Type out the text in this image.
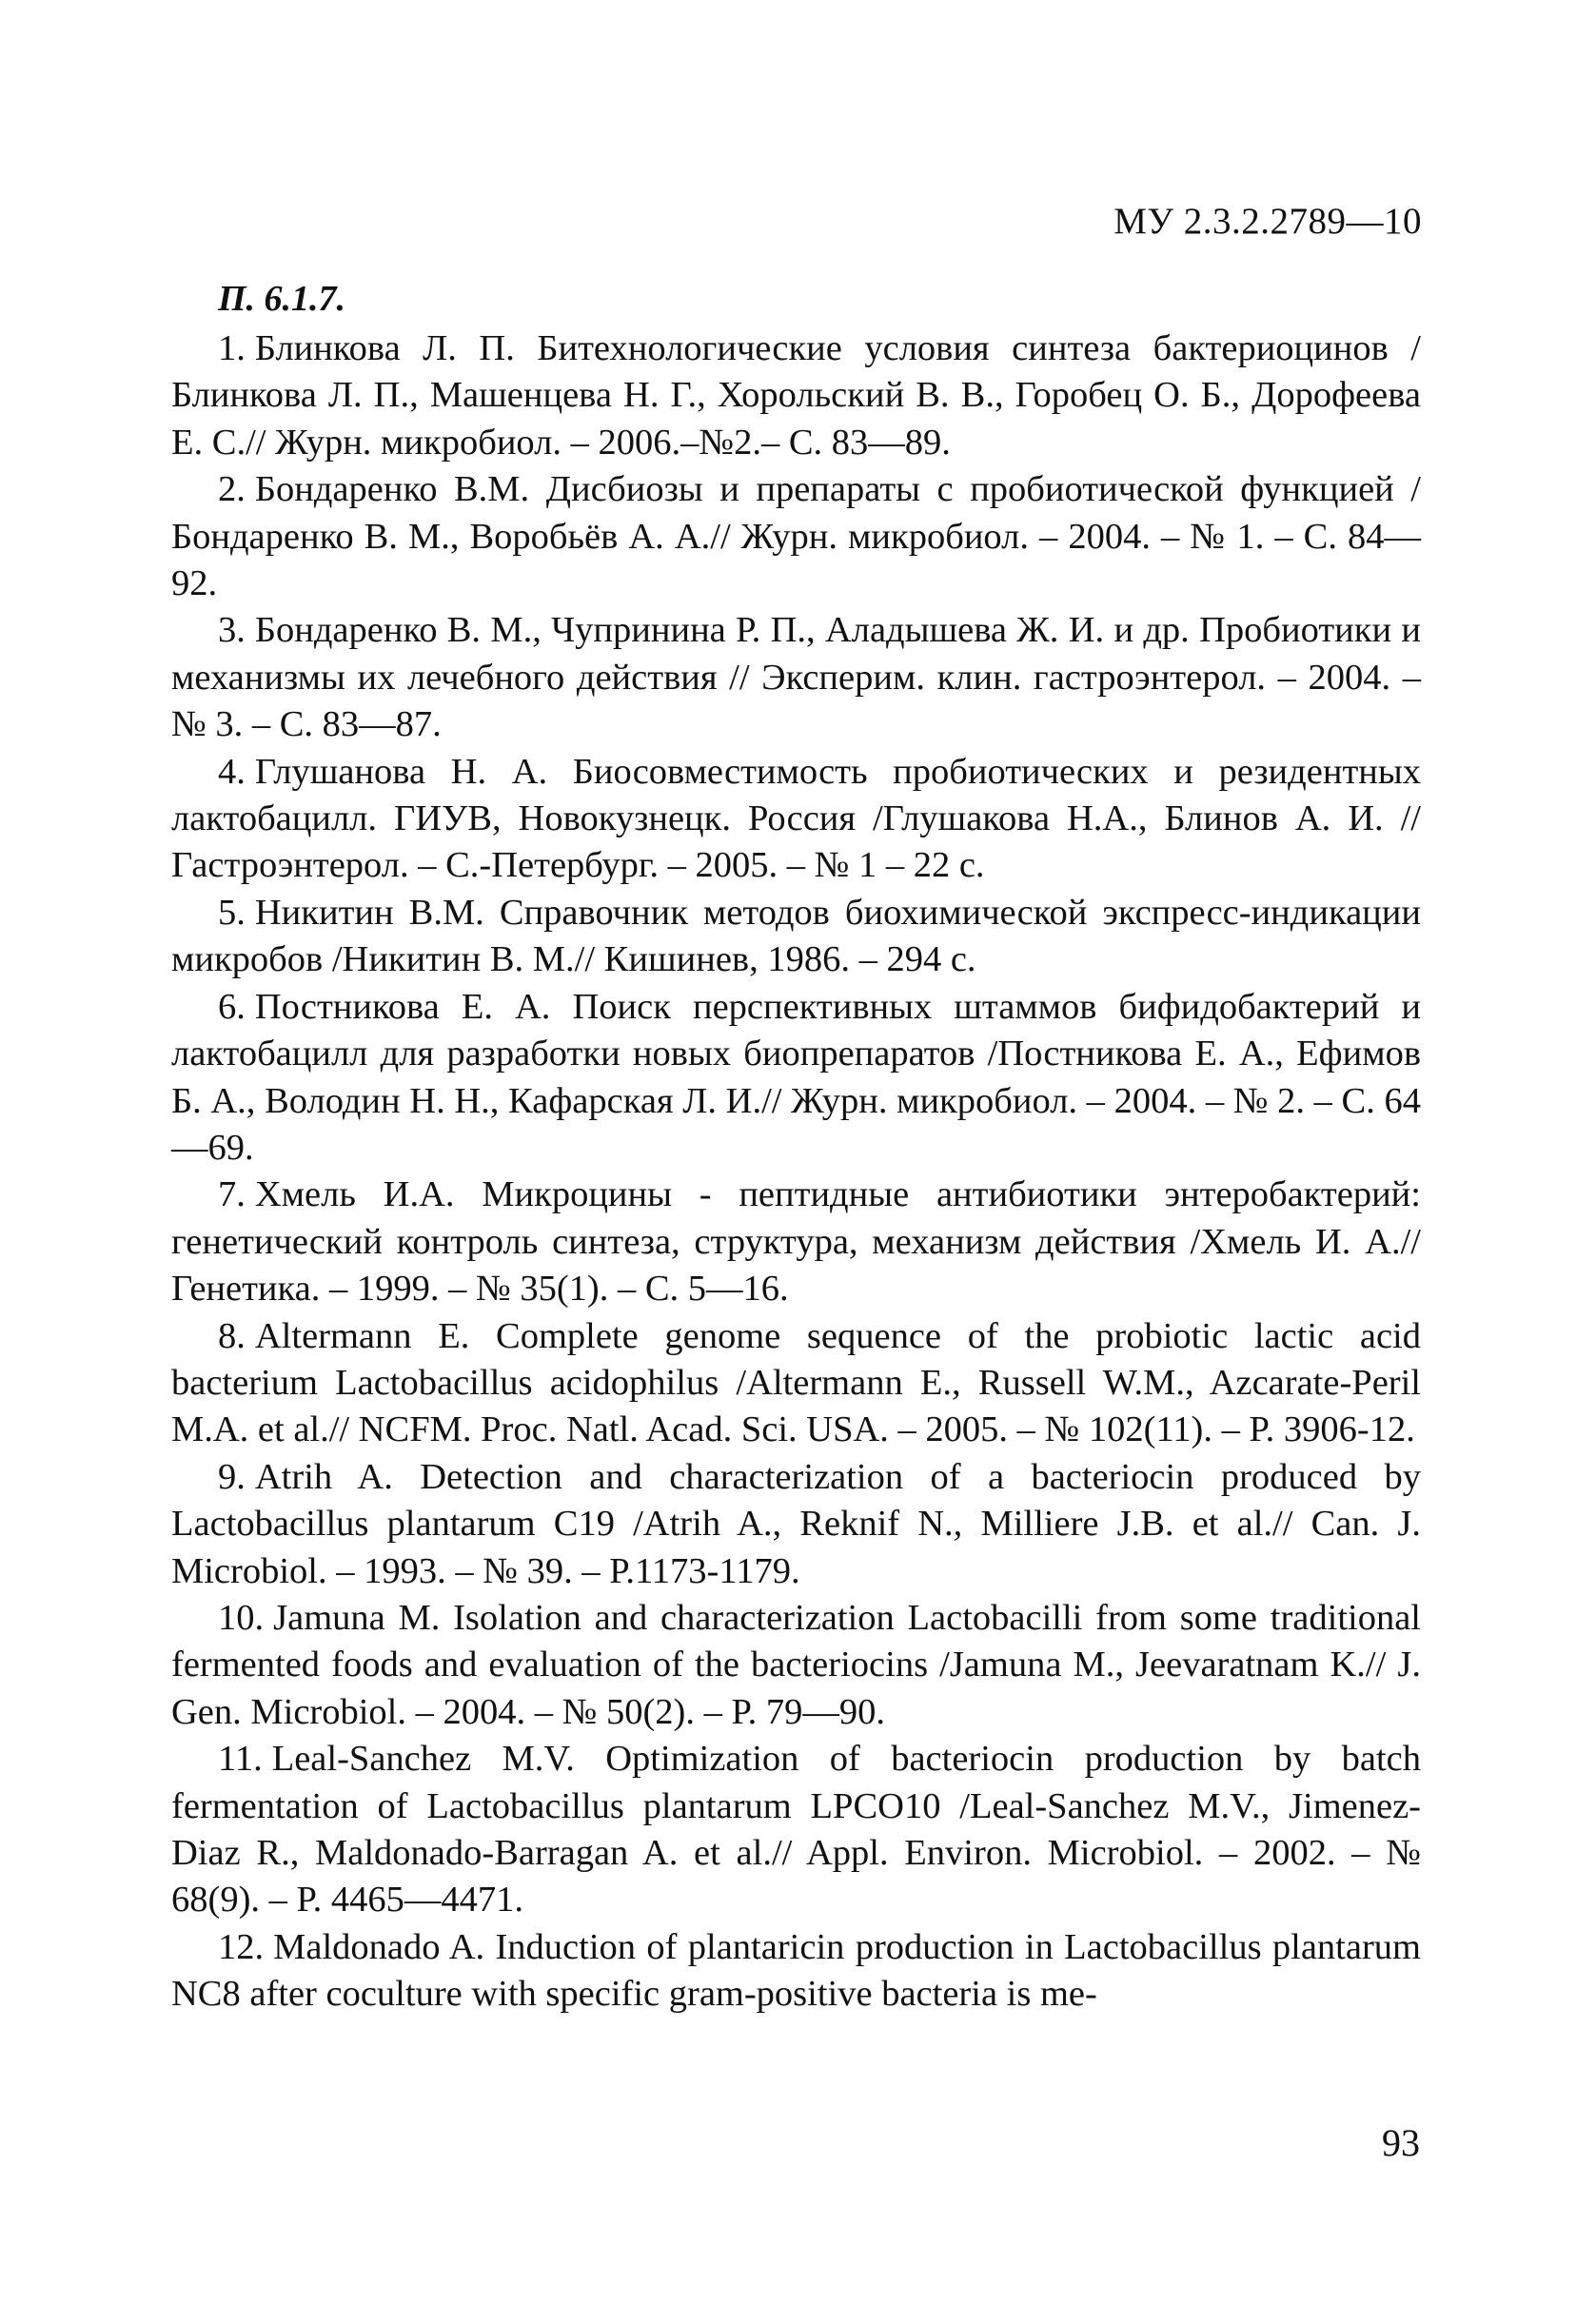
МУ 2.3.2.2789—10
П. 6.1.7.

1. Блинкова Л. П. Битехнологические условия синтеза бактериоцинов /Блинкова Л. П., Машенцева Н. Г., Хорольский В. В., Горобец О. Б., Дорофеева Е. С.// Журн. микробиол. – 2006.–№2.– С. 83—89.

2. Бондаренко В.М. Дисбиозы и препараты с пробиотической функцией /Бондаренко В. М., Воробьёв А. А.// Журн. микробиол. – 2004. – № 1. – С. 84—92.

3. Бондаренко В. М., Чупринина Р. П., Аладышева Ж. И. и др. Пробиотики и механизмы их лечебного действия // Эксперим. клин. гастроэнтерол. – 2004. – № 3. – С. 83—87.

4. Глушанова Н. А. Биосовместимость пробиотических и резидентных лактобацилл. ГИУВ, Новокузнецк. Россия /Глушакова Н.А., Блинов А. И. // Гастроэнтерол. – С.-Петербург. – 2005. – № 1 – 22 с.

5. Никитин В.М. Справочник методов биохимической экспресс-индикации микробов /Никитин В. М.// Кишинев, 1986. – 294 с.

6. Постникова Е. А. Поиск перспективных штаммов бифидобактерий и лактобацилл для разработки новых биопрепаратов /Постникова Е. А., Ефимов Б. А., Володин Н. Н., Кафарская Л. И.// Журн. микробиол. – 2004. – № 2. – С. 64—69.

7. Хмель И.А. Микроцины - пептидные антибиотики энтеробактерий: генетический контроль синтеза, структура, механизм действия /Хмель И. А.// Генетика. – 1999. – № 35(1). – С. 5—16.

8. Altermann E. Complete genome sequence of the probiotic lactic acid bacterium Lactobacillus acidophilus /Altermann E., Russell W.M., Azcarate-Peril M.A. et al.// NCFM. Proc. Natl. Acad. Sci. USA. – 2005. – № 102(11). – P. 3906-12.

9. Atrih A. Detection and characterization of a bacteriocin produced by Lactobacillus plantarum C19 /Atrih A., Reknif N., Milliere J.B. et al.// Can. J. Microbiol. – 1993. – № 39. – P.1173-1179.

10. Jamuna M. Isolation and characterization Lactobacilli from some traditional fermented foods and evaluation of the bacteriocins /Jamuna M., Jeevaratnam K.// J. Gen. Microbiol. – 2004. – № 50(2). – P. 79—90.

11. Leal-Sanchez M.V. Optimization of bacteriocin production by batch fermentation of Lactobacillus plantarum LPCO10 /Leal-Sanchez M.V., Jimenez-Diaz R., Maldonado-Barragan A. et al.// Appl. Environ. Microbiol. – 2002. – № 68(9). – P. 4465—4471.

12. Maldonado A. Induction of plantaricin production in Lactobacillus plantarum NC8 after coculture with specific gram-positive bacteria is me-

93
